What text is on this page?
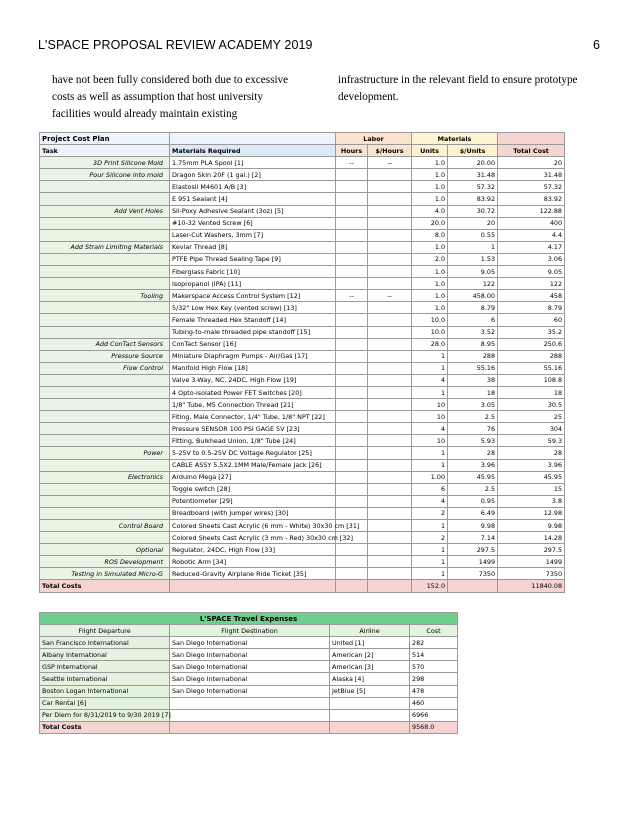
L'SPACE PROPOSAL REVIEW ACADEMY 2019	6
have not been fully considered both due to excessive
costs as well as assumption that host university
facilities would already maintain existing
infrastructure in the relevant field to ensure prototype
development.
Project Cost Plan		Labor		Materials		
Task	Materials Required	Hours	$/Hours	Units	$/Units	Total Cost
3D Print Silicone Mold	1.75mm PLA Spool [1]	--	--	1.0	20.00	20
Pour Silicone into mold	Dragon Skin 20F (1 gal.) [2]			1.0	31.48	31.48
	Elastosil M4601 A/B [3]			1.0	57.32	57.32
	E 951 Sealant [4]			1.0	83.92	83.92
Add Vent Holes	Sil-Poxy Adhesive Sealant (3oz) [5]			4.0	30.72	122.88
	#10-32 Vented Screw [6]			20.0	20	400
	Laser-Cut Washers, 3mm [7]			8.0	0.55	4.4
Add Strain Limiting Materials	Kevlar Thread [8]			1.0	1	4.17
	PTFE Pipe Thread Sealing Tape [9]			2.0	1.53	3.06
	Fiberglass Fabric [10]			1.0	9.05	9.05
	Isopropanol (IPA) [11]			1.0	122	122
Tooling	Makerspace Access Control System [12]	--	--	1.0	458.00	458
	5/32" Low Hex Key (vented screw) [13]			1.0	8.79	8.79
	Female Threaded Hex Standoff [14]			10.0	6	60
	Tubing-to-male threaded pipe standoff [15]			10.0	3.52	35.2
Add ConTact Sensors	ConTact Sensor [16]			28.0	8.95	250.6
Pressure Source	Miniature Diaphragm Pumps - Air/Gas [17]			1	288	288
Flow Control	Manifold High Flow [18]			1	55.16	55.16
	Valve 3-Way, NC, 24DC, High Flow [19]			4	38	108.8
	4 Opto-isolated Power FET Switches [20]			1	18	18
	1/8" Tube, M5 Connection Thread [21]			10	3.05	30.5
	Fiting, Male Connector, 1/4" Tube, 1/8" NPT [22]			10	2.5	25
	Pressure SENSOR 100 PSI GAGE 5V [23]			4	76	304
	Fitting, Bulkhead Union, 1/8" Tube [24]			10	5.93	59.3
Power	5-25V to 0.5-25V DC Voltage Regulator [25]			1	28	28
	CABLE ASSY 5.5X2.1MM Male/Female Jack [26]			1	3.96	3.96
Electronics	Arduino Mega [27]			1.00	45.95	45.95
	Toggle switch [28]			6	2.5	15
	Potentiometer [29]			4	0.95	3.8
	Breadboard (with jumper wires) [30]			2	6.49	12.98
Control Board	Colored Sheets Cast Acrylic (6 mm - White) 30x30 cm [31]			1	9.98	9.98
	Colored Sheets Cast Acrylic (3 mm - Red) 30x30 cm [32]			2	7.14	14.28
Optional	Regulator, 24DC, High Flow [33]			1	297.5	297.5
ROS Development	Robotic Arm [34]			1	1499	1499
Testing in Simulated Micro-G	Reduced-Gravity Airplane Ride Ticket [35]			1	7350	7350
Total Costs				152.0		11840.08
L'SPACE Travel Expenses				
Flight Departure	Flight Destination	Airline	Cost	
San Francisco International	San Diego International	United [1]	282	
Albany International	San Diego International	American [2]	514	
GSP International	San Diego International	American [3]	570	
Seattle International	San Diego International	Alaska [4]	298	
Boston Logan International	San Diego International	JetBlue [5]	478	
Car Rental [6]			460	
Per Diem for 8/31/2019 to 9/30 2019 [7]			6966	
Total Costs			9568.0	
